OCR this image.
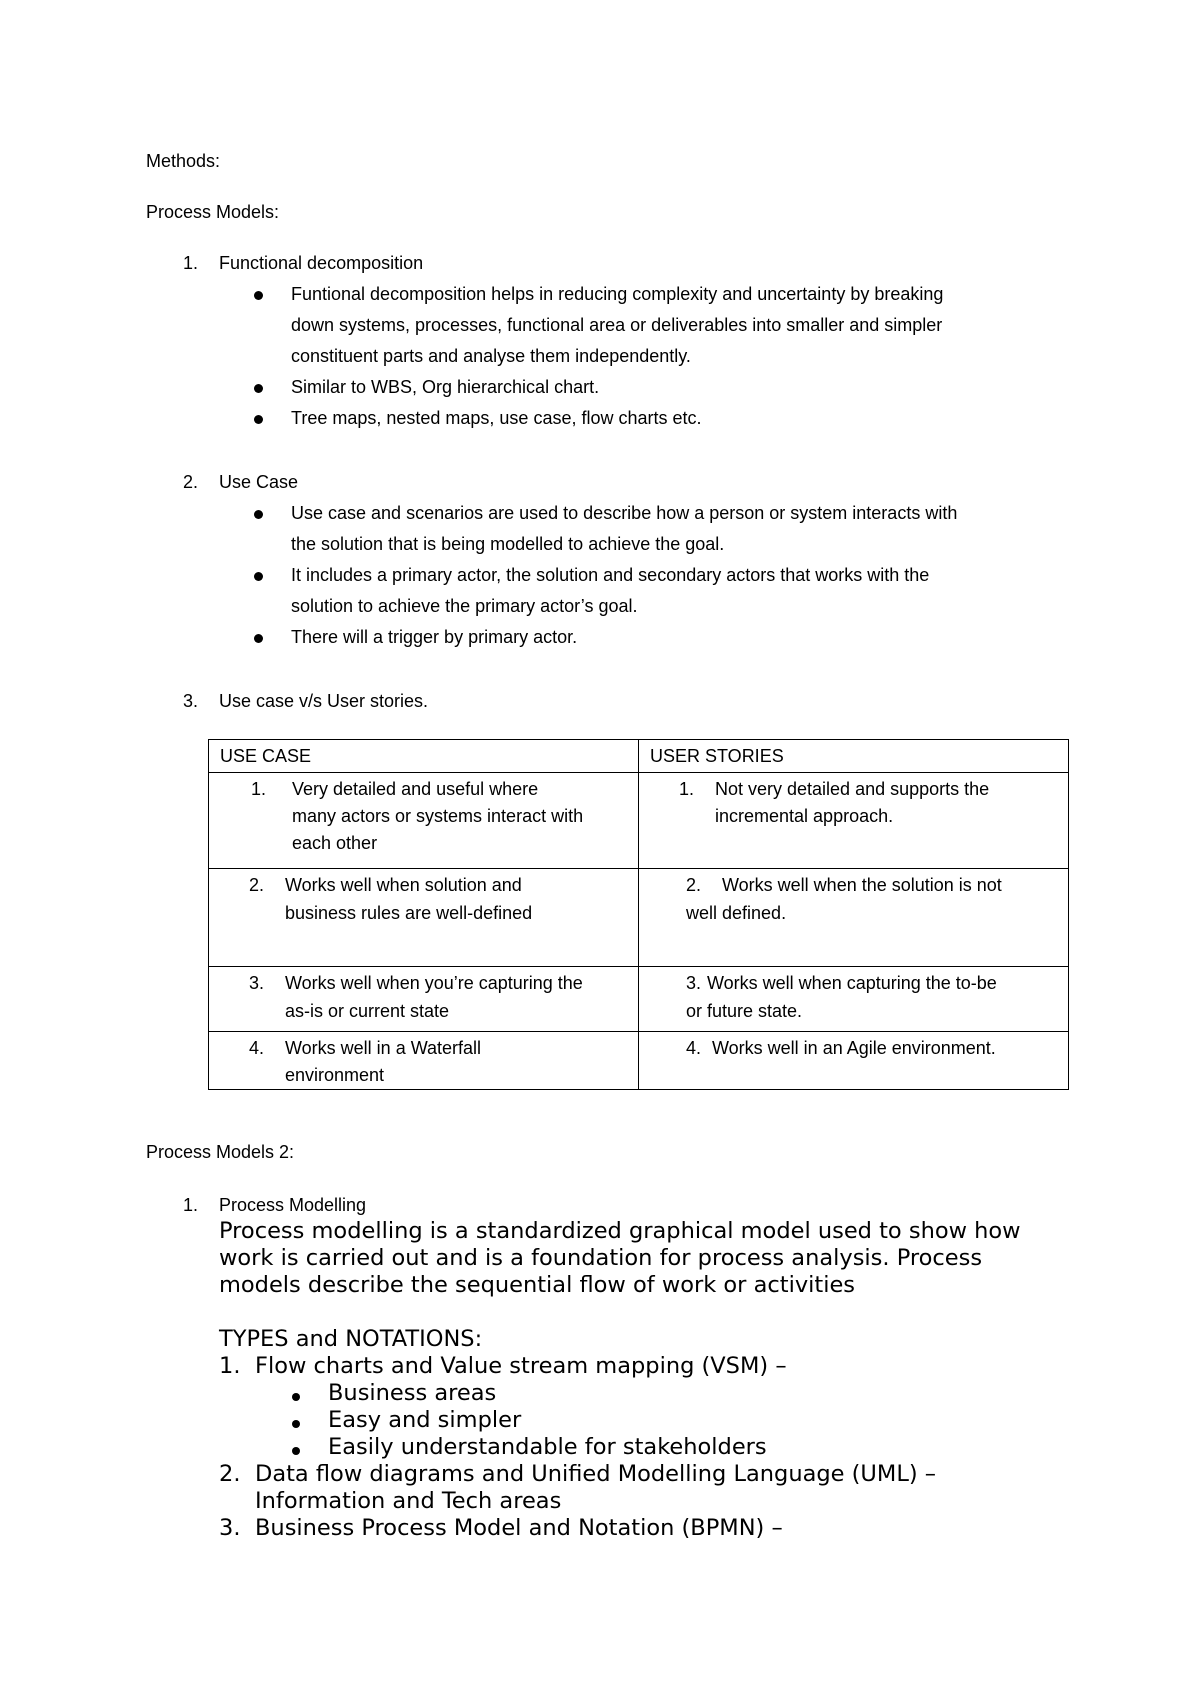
Methods:
Process Models:
1. Functional decomposition
Funtional decomposition helps in reducing complexity and uncertainty by breaking
down systems, processes, functional area or deliverables into smaller and simpler
constituent parts and analyse them independently.
Similar to WBS, Org hierarchical chart.
Tree maps, nested maps, use case, flow charts etc.
2. Use Case
Use case and scenarios are used to describe how a person or system interacts with
the solution that is being modelled to achieve the goal.
It includes a primary actor, the solution and secondary actors that works with the
solution to achieve the primary actor’s goal.
There will a trigger by primary actor.
3. Use case v/s User stories.
USE CASE	USER STORIES

1. Very detailed and useful where
many actors or systems interact with
each other	1. Not very detailed and supports the
incremental approach.

2. Works well when solution and
business rules are well-defined	2. Works well when the solution is not
well defined.

3. Works well when you’re capturing the
as-is or current state	3. Works well when capturing the to-be
or future state.

4. Works well in a Waterfall
environment	4. Works well in an Agile environment.
Process Models 2:
1. Process Modelling
Process modelling is a standardized graphical model used to show how
work is carried out and is a foundation for process analysis. Process
models describe the sequential flow of work or activities
TYPES and NOTATIONS:
1. Flow charts and Value stream mapping (VSM) –
Business areas
Easy and simpler
Easily understandable for stakeholders
2. Data flow diagrams and Unified Modelling Language (UML) –
Information and Tech areas
3. Business Process Model and Notation (BPMN) –
